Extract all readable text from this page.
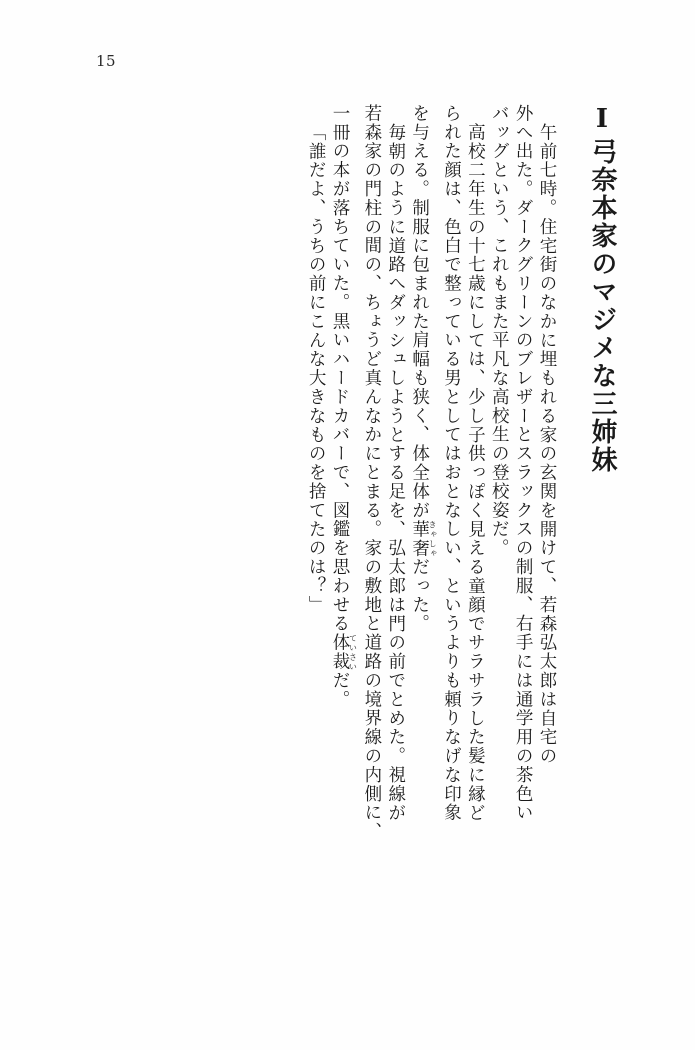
15
I弓奈本家のマジメな三姉妹
午前七時。住宅街のなかに埋もれる家の玄関を開けて、若森弘太郎は自宅の
外へ出た。ダークグリーンのブレザーとスラックスの制服、右手には通学用の茶色い
バッグという、これもまた平凡な高校生の登校姿だ。
高校二年生の十七歳にしては、少し子供っぽく見える童顔でサラサラした髪に縁ど
られた顔は、色白で整っている男としてはおとなしい、というよりも頼りなげな印象
を与える。制服に包まれた肩幅も狭く、体全体が華奢きゃしゃだった。
毎朝のように道路へダッシュしようとする足を、弘太郎は門の前でとめた。視線が
若森家の門柱の間の、ちょうど真んなかにとまる。家の敷地と道路の境界線の内側に、
一冊の本が落ちていた。黒いハードカバーで、図鑑を思わせる体裁ていさいだ。
「誰だよ、うちの前にこんな大きなものを捨てたのは？」
